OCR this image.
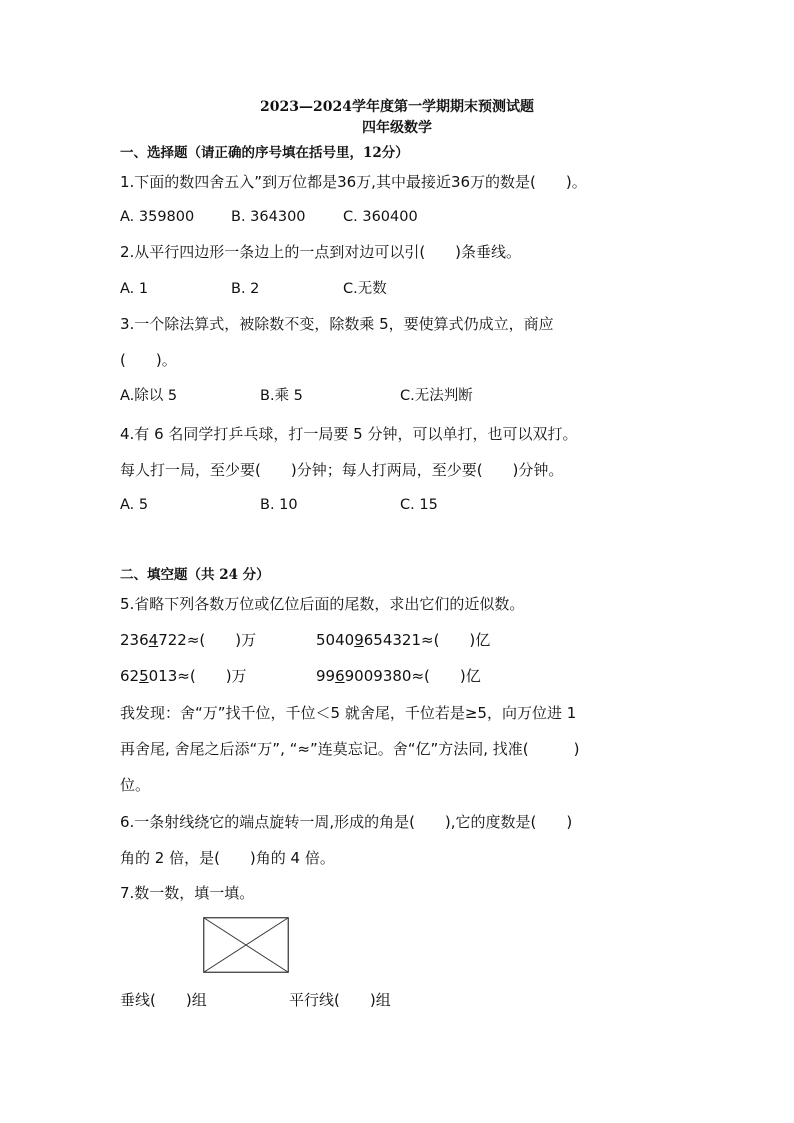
2023—2024学年度第一学期期末预测试题
四年级数学
一、选择题（请正确的序号填在括号里，12分）
1.下面的数四舍五入”到万位都是36万,其中最接近36万的数是(　　)。
A. 359800	B. 364300	C. 360400
2.从平行四边形一条边上的一点到对边可以引(　　)条垂线。
A. 1	B. 2	C.无数
3.一个除法算式，被除数不变，除数乘 5，要使算式仍成立，商应
(　　)。
A.除以 5	B.乘 5	C.无法判断
4.有 6 名同学打乒乓球，打一局要 5 分钟，可以单打，也可以双打。
每人打一局，至少要(　　)分钟；每人打两局，至少要(　　)分钟。
A. 5	B. 10	C. 15
二、填空题（共 24 分）
5.省略下列各数万位或亿位后面的尾数，求出它们的近似数。
2364722≈(　　)万	50409654321≈(　　)亿
625013≈(　　)万	9969009380≈(　　)亿
我发现：舍“万”找千位，千位＜5 就舍尾，千位若是≥5，向万位进 1
再舍尾, 舍尾之后添“万”, “≈”连莫忘记。舍“亿”方法同, 找准(　　　)
位。
6.一条射线绕它的端点旋转一周,形成的角是(　　),它的度数是(　　)
角的 2 倍，是(　　)角的 4 倍。
7.数一数，填一填。
垂线(　　)组	平行线(　　)组
